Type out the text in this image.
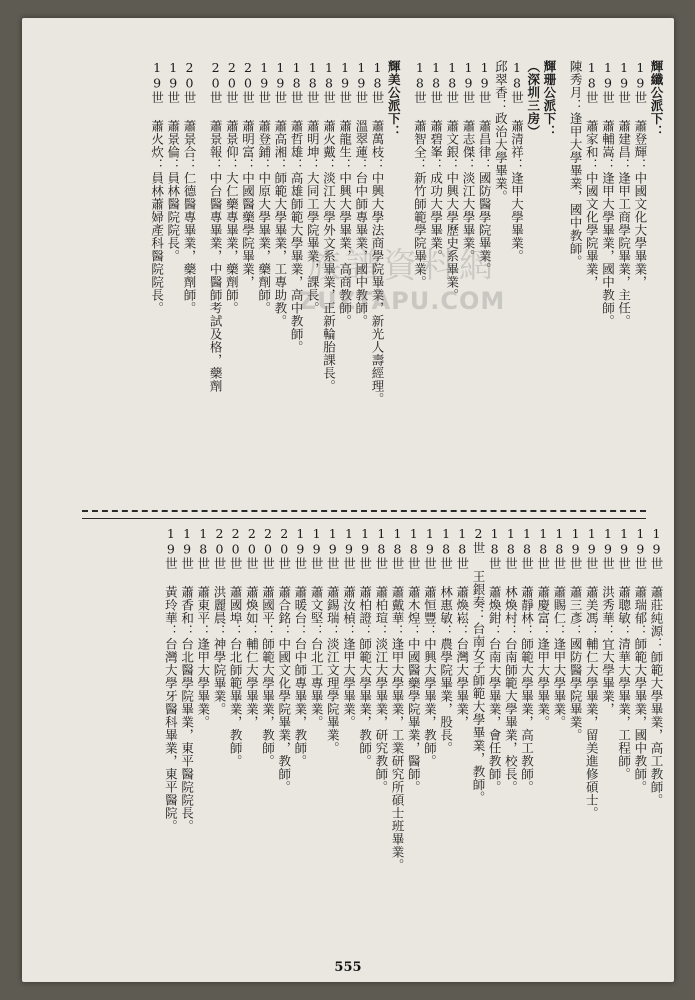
輝纖公派下：
19世 蕭登輝：中國文化大學畢業，
19世 蕭建昌：逢甲工商學院畢業，主任。
19世 蕭輔嵩：逢甲大學畢業，國中教師。
18世 蕭家和：中國文化學院畢業，
陳秀月：逢甲大學畢業，國中教師。
輝珊公派下：
（深圳三房）
18世 蕭清祥：逢甲大學畢業。
邱翠香：政治大學畢業。
19世 蕭昌律：國防醫學院畢業。
19世 蕭志傑：淡江大學畢業。
18世 蕭文銀：中興大學歷史系畢業。
18世 蕭碧峯：成功大學畢業。
18世 蕭智全：新竹師範學院畢業。
輝美公派下：
18世 蕭萬枝：中興大學法商學院畢業，新光人壽經理。
19世 溫翠蓮：台中師專畢業，國中教師。
19世 蕭龍生：中興大學畢業，高商教師。
18世 蕭火戴：淡江大學外文系畢業，正新輪胎課長。
18世 蕭明坤：大同工學院畢業，課長。
18世 蕭哲雄：高雄師範大學畢業，高中教師。
19世 蕭高湘：師範大學畢業，工專助教。
19世 蕭登鋪：中原大學畢業，藥劑師。
20世 蕭明富：中國醫藥學院畢業，
20世 蕭景仰：大仁藥專畢業，藥劑師。
20世 蕭景報：中台醫專畢業，中醫師考試及格，藥劑
20世 蕭景合：仁德醫專畢業，藥劑師。
19世 蕭景倫：員林醫院院長。
19世 蕭火炊：員林蕭婦產科醫院院長。
19世 蕭莊純源：師範大學畢業，高工教師。
19世 蕭瑞郁：師範大學畢業，國中教師。
19世 蕭聰敏：清華大學畢業，工程師。
19世 洪秀華：宜大學畢業，
19世 蕭美馮：輔仁大學畢業，留美進修碩士。
19世 蕭三彥：國防醫學院畢業。
18世 蕭賜仁：逢甲大學畢業。
18世 蕭慶富：逢甲大學畢業。
18世 蕭靜林：師範大學畢業，高工教師。
18世 林煥村：台南師範大學畢業，校長。
18世 蕭煥鉗：台南大學畢業，會任教師。
2世 王銀奏：台南女子師範大學畢業，教師。
18世 蕭煥崧：台灣大學畢業，
18世 林惠敏：農學院畢業，股長。
19世 蕭恒豐：中興大學畢業，教師。
18世 蕭木煌：中國醫藥學院畢業，醫師。
18世 蕭戴華：逢甲大學畢業，工業研究所碩士班畢業。
18世 蕭柏瑄：淡江大學畢業，研究教師。
19世 蕭柏證：師範大學畢業，教師。
19世 蕭汝楨：逢甲大學畢業。
19世 蕭錫瑞：淡江文理學院畢業。
19世 蕭文堅：台北工專畢業。
19世 蕭暖台：台中師專畢業，教師。
20世 蕭合銘：中國文化學院畢業，教師。
20世 蕭國平：師範大學畢業，教師。
20世 蕭煥如：輔仁大學畢業，
20世 蕭國埠：台北師範畢業，教師。
20世 洪麗晨：神學院畢業。
18世 蕭東平：逢甲大學畢業。
19世 蕭香和：台北醫學院畢業，東平醫院院長。
19世 黃玲華：台灣大學牙醫科畢業，東平醫院。
族譜資料網
ZUZTAPU.COM
555
